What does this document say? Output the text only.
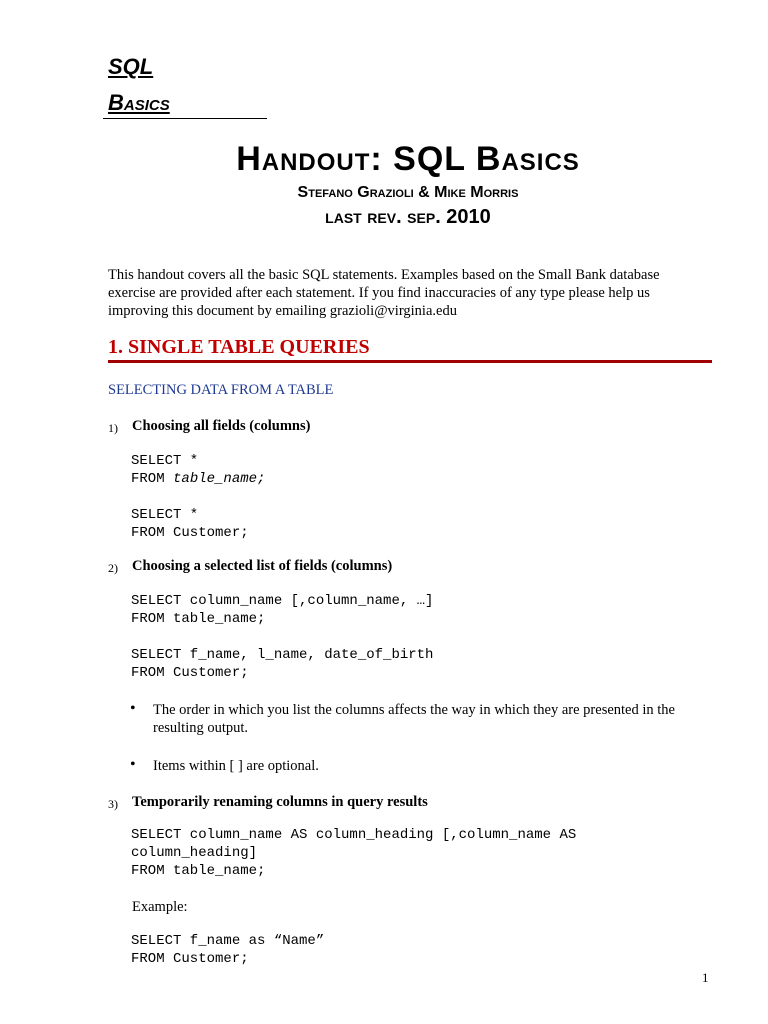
SQL
Basics
Handout: SQL Basics
Stefano Grazioli & Mike Morris
last rev. sep. 2010
This handout covers all the basic SQL statements. Examples based on the Small Bank database exercise are provided after each statement. If you find inaccuracies of any type please help us improving this document by emailing grazioli@virginia.edu
1. SINGLE TABLE QUERIES
SELECTING DATA FROM A TABLE
1) Choosing all fields (columns)
SELECT *
FROM table_name;
SELECT *
FROM Customer;
2) Choosing a selected list of fields (columns)
SELECT column_name [,column_name, …]
FROM table_name;
SELECT f_name, l_name, date_of_birth
FROM Customer;
• The order in which you list the columns affects the way in which they are presented in the resulting output.
• Items within [ ] are optional.
3) Temporarily renaming columns in query results
SELECT column_name AS column_heading [,column_name AS
column_heading]
FROM table_name;
Example:
SELECT f_name as “Name”
FROM Customer;
1
